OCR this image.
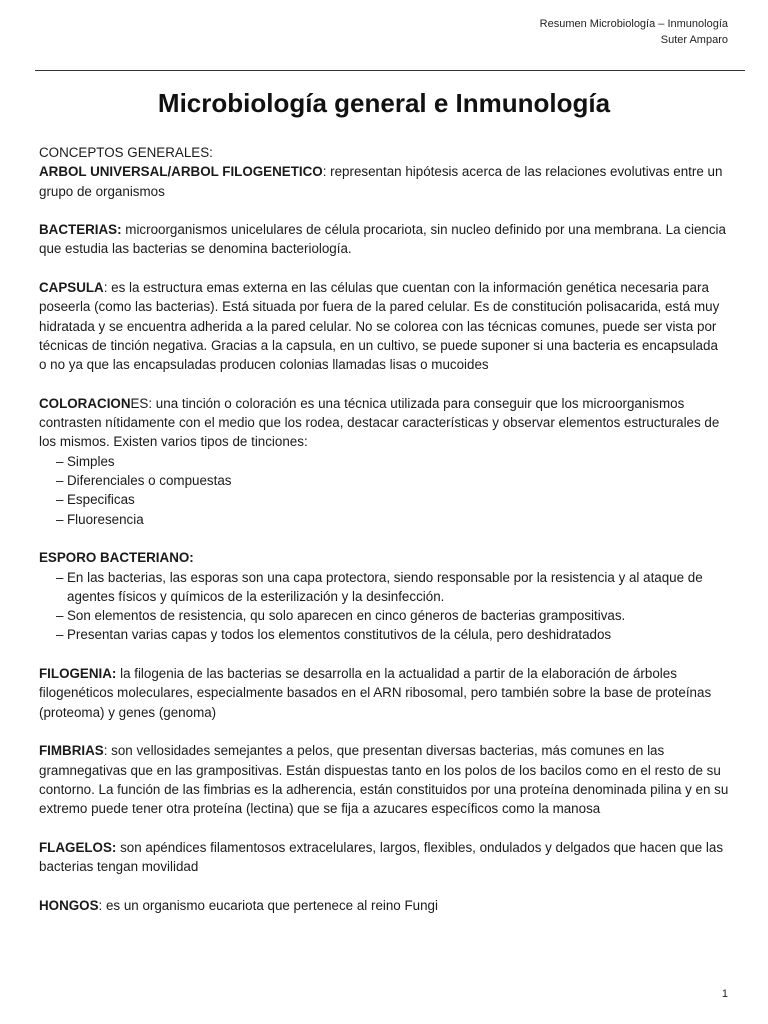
Resumen Microbiología – Inmunología
Suter Amparo
Microbiología general e Inmunología

CONCEPTOS GENERALES:

ARBOL UNIVERSAL/ARBOL FILOGENETICO: representan hipótesis acerca de las relaciones evolutivas entre un grupo de organismos

BACTERIAS: microorganismos unicelulares de célula procariota, sin nucleo definido por una membrana. La ciencia que estudia las bacterias se denomina bacteriología.

CAPSULA: es la estructura emas externa en las células que cuentan con la información genética necesaria para poseerla (como las bacterias). Está situada por fuera de la pared celular. Es de constitución polisacarida, está muy hidratada y se encuentra adherida a la pared celular. No se colorea con las técnicas comunes, puede ser vista por técnicas de tinción negativa. Gracias a la capsula, en un cultivo, se puede suponer si una bacteria es encapsulada o no ya que las encapsuladas producen colonias llamadas lisas o mucoides

COLORACIONES: una tinción o coloración es una técnica utilizada para conseguir que los microorganismos contrasten nítidamente con el medio que los rodea, destacar características y observar elementos estructurales de los mismos. Existen varios tipos de tinciones:

– Simples
– Diferenciales o compuestas
– Especificas
– Fluoresencia

ESPORO BACTERIANO:

– En las bacterias, las esporas son una capa protectora, siendo responsable por la resistencia y al ataque de agentes físicos y químicos de la esterilización y la desinfección.
– Son elementos de resistencia, qu solo aparecen en cinco géneros de bacterias grampositivas.
– Presentan varias capas y todos los elementos constitutivos de la célula, pero deshidratados

FILOGENIA: la filogenia de las bacterias se desarrolla en la actualidad a partir de la elaboración de árboles filogenéticos moleculares, especialmente basados en el ARN ribosomal, pero también sobre la base de proteínas (proteoma) y genes (genoma)

FIMBRIAS: son vellosidades semejantes a pelos, que presentan diversas bacterias, más comunes en las gramnegativas que en las grampositivas. Están dispuestas tanto en los polos de los bacilos como en el resto de su contorno. La función de las fimbrias es la adherencia, están constituidos por una proteína denominada pilina y en su extremo puede tener otra proteína (lectina) que se fija a azucares específicos como la manosa

FLAGELOS: son apéndices filamentosos extracelulares, largos, flexibles, ondulados y delgados que hacen que las bacterias tengan movilidad

HONGOS: es un organismo eucariota que pertenece al reino Fungi

1
